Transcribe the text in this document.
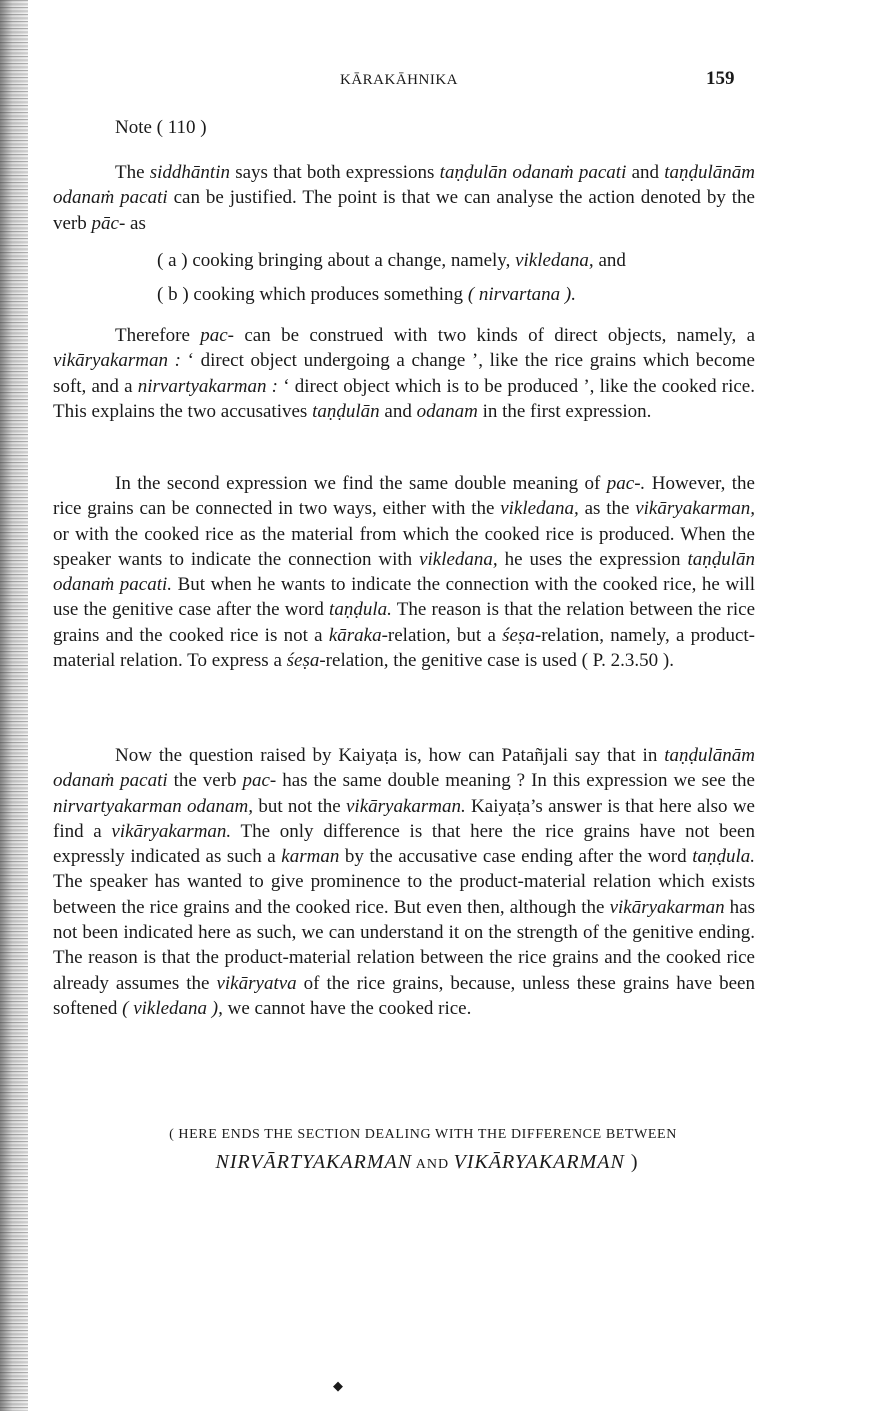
KĀRAKĀHNIKA	159
Note ( 110 )

The siddhāntin says that both expressions taṇḍulān odanaṁ pacati and taṇḍulānām odanaṁ pacati can be justified. The point is that we can analyse the action denoted by the verb pāc- as

( a ) cooking bringing about a change, namely, vikledana, and
( b ) cooking which produces something ( nirvartana ).

Therefore pac- can be construed with two kinds of direct objects, namely, a vikāryakarman : ‘ direct object undergoing a change ’, like the rice grains which become soft, and a nirvartyakarman : ‘ direct object which is to be produced ’, like the cooked rice. This explains the two accusatives taṇḍulān and odanam in the first expression.

In the second expression we find the same double meaning of pac-. However, the rice grains can be connected in two ways, either with the vikledana, as the vikāryakarman, or with the cooked rice as the material from which the cooked rice is produced. When the speaker wants to indicate the connection with vikledana, he uses the expression taṇḍulān odanaṁ pacati. But when he wants to indicate the connection with the cooked rice, he will use the genitive case after the word taṇḍula. The reason is that the relation between the rice grains and the cooked rice is not a kāraka-relation, but a śeṣa-relation, namely, a product-material relation. To express a śeṣa-relation, the genitive case is used ( P. 2.3.50 ).

Now the question raised by Kaiyaṭa is, how can Patañjali say that in taṇḍulānām odanaṁ pacati the verb pac- has the same double meaning ? In this expression we see the nirvartyakarman odanam, but not the vikāryakarman. Kaiyaṭa’s answer is that here also we find a vikāryakarman. The only difference is that here the rice grains have not been expressly indicated as such a karman by the accusative case ending after the word taṇḍula. The speaker has wanted to give prominence to the product-material relation which exists between the rice grains and the cooked rice. But even then, although the vikāryakarman has not been indicated here as such, we can understand it on the strength of the genitive ending. The reason is that the product-material relation between the rice grains and the cooked rice already assumes the vikāryatva of the rice grains, because, unless these grains have been softened ( vikledana ), we cannot have the cooked rice.

( HERE ENDS THE SECTION DEALING WITH THE DIFFERENCE BETWEEN
NIRVĀRTYAKARMAN AND VIKĀRYAKARMAN )
◆
